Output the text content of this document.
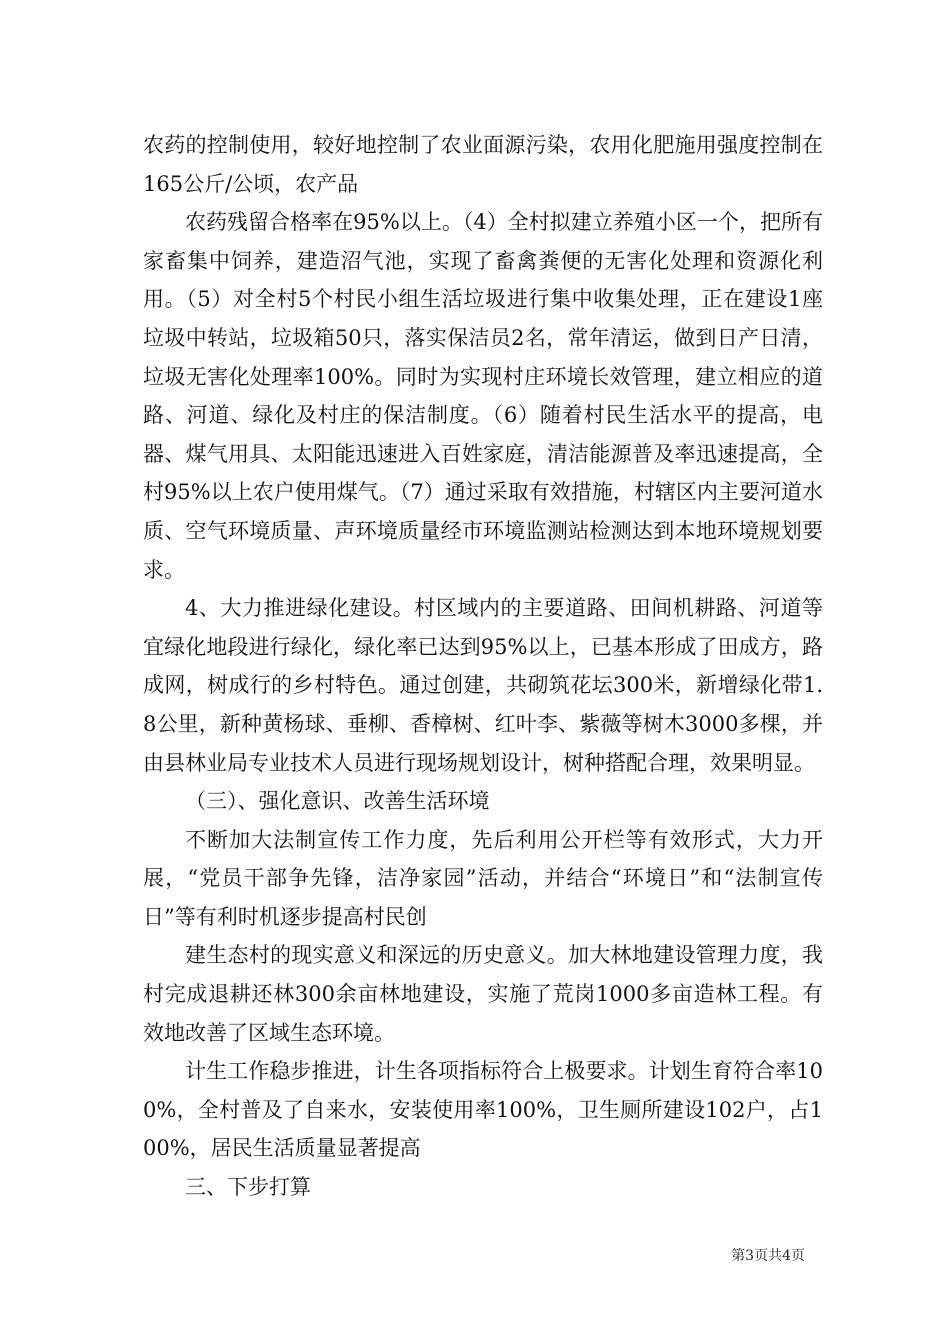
农药的控制使用，较好地控制了农业面源污染，农用化肥施用强度控制在165公斤/公顷，农产品

农药残留合格率在95%以上。（4）全村拟建立养殖小区一个，把所有家畜集中饲养，建造沼气池，实现了畜禽粪便的无害化处理和资源化利用。（5）对全村5个村民小组生活垃圾进行集中收集处理，正在建设1座垃圾中转站，垃圾箱50只，落实保洁员2名，常年清运，做到日产日清，垃圾无害化处理率100%。同时为实现村庄环境长效管理，建立相应的道路、河道、绿化及村庄的保洁制度。（6）随着村民生活水平的提高，电器、煤气用具、太阳能迅速进入百姓家庭，清洁能源普及率迅速提高，全村95%以上农户使用煤气。（7）通过采取有效措施，村辖区内主要河道水质、空气环境质量、声环境质量经市环境监测站检测达到本地环境规划要求。

4、大力推进绿化建设。村区域内的主要道路、田间机耕路、河道等宜绿化地段进行绿化，绿化率已达到95%以上，已基本形成了田成方，路成网，树成行的乡村特色。通过创建，共砌筑花坛300米，新增绿化带1.8公里，新种黄杨球、垂柳、香樟树、红叶李、紫薇等树木3000多棵，并由县林业局专业技术人员进行现场规划设计，树种搭配合理，效果明显。

（三）、强化意识、改善生活环境

不断加大法制宣传工作力度，先后利用公开栏等有效形式，大力开展，“党员干部争先锋，洁净家园”活动，并结合“环境日”和“法制宣传日”等有利时机逐步提高村民创

建生态村的现实意义和深远的历史意义。加大林地建设管理力度，我村完成退耕还林300余亩林地建设，实施了荒岗1000多亩造林工程。有效地改善了区域生态环境。

计生工作稳步推进，计生各项指标符合上极要求。计划生育符合率100%，全村普及了自来水，安装使用率100%，卫生厕所建设102户，占100%，居民生活质量显著提高

三、下步打算

第3页共4页
